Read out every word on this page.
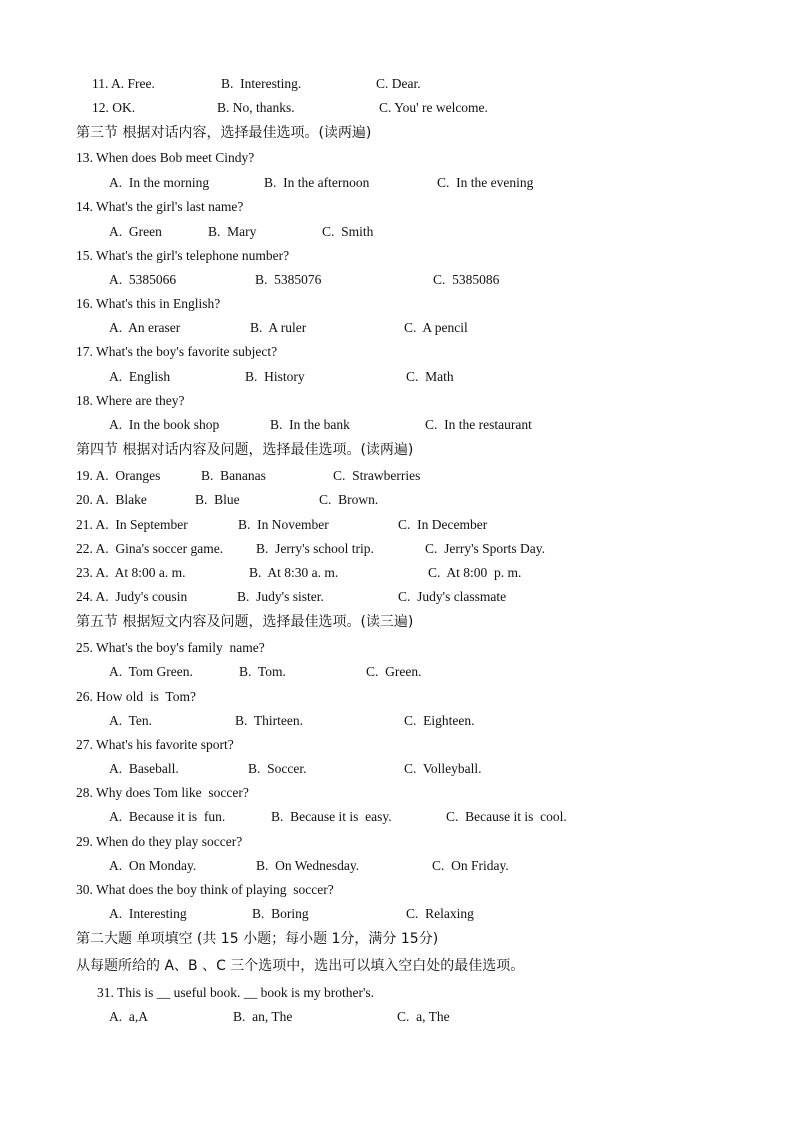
11. A. Free.

	B.  Interesting.

	C. Dear.

12. OK.

	B. No, thanks.

	C. You' re welcome.

第三节 根据对话内容，选择最佳选项。(读两遍)
13. When does Bob meet Cindy?

A.  In the morning

	B.  In the afternoon

	C.  In the evening

14. What's the girl's last name?

A.  Green

	B.  Mary

	C.  Smith

15. What's the girl's telephone number?

A.  5385066

	B.  5385076

	C.  5385086

16. What's this in English?

A.  An eraser

	B.  A ruler

	C.  A pencil

17. What's the boy's favorite subject?

A.  English

	B.  History

	C.  Math

18. Where are they?

A.  In the book shop

	B.  In the bank

	C.  In the restaurant

第四节 根据对话内容及问题，选择最佳选项。(读两遍)

19. A.  Oranges

	B.  Bananas

	C.  Strawberries

20. A.  Blake

	B.  Blue

	C.  Brown.

21. A.  In September

	B.  In November

	C.  In December

22. A.  Gina's soccer game.

B.  Jerry's school trip.

	C.  Jerry's Sports Day.

23. A.  At 8:00 a. m.

	B.  At 8:30 a. m.

	C.  At 8:00  p. m.

24. A.  Judy's cousin

	B.  Judy's sister.

	C.  Judy's classmate

第五节 根据短文内容及问题，选择最佳选项。(读三遍)
25. What's the boy's family  name?

A.  Tom Green.

	B.  Tom.

	C.  Green.

26. How old  is  Tom?

A.  Ten.

	B.  Thirteen.

	C.  Eighteen.

27. What's his favorite sport?

A.  Baseball.

	B.  Soccer.

	C.  Volleyball.

28. Why does Tom like  soccer?

A.  Because it is  fun.

	B.  Because it is  easy.

	C.  Because it is  cool.

29. When do they play soccer?

A.  On Monday.

	B.  On Wednesday.

	C.  On Friday.

30. What does the boy think of playing  soccer?

A.  Interesting

	B.  Boring

	C.  Relaxing

第二大题 单项填空 (共 15 小题；每小题 1分，满分 15分)
从每题所给的 A、B 、C 三个选项中，选出可以填入空白处的最佳选项。
31. This is __ useful book. __ book is my brother's.

A.  a,A

	B.  an, The

	C.  a, The
